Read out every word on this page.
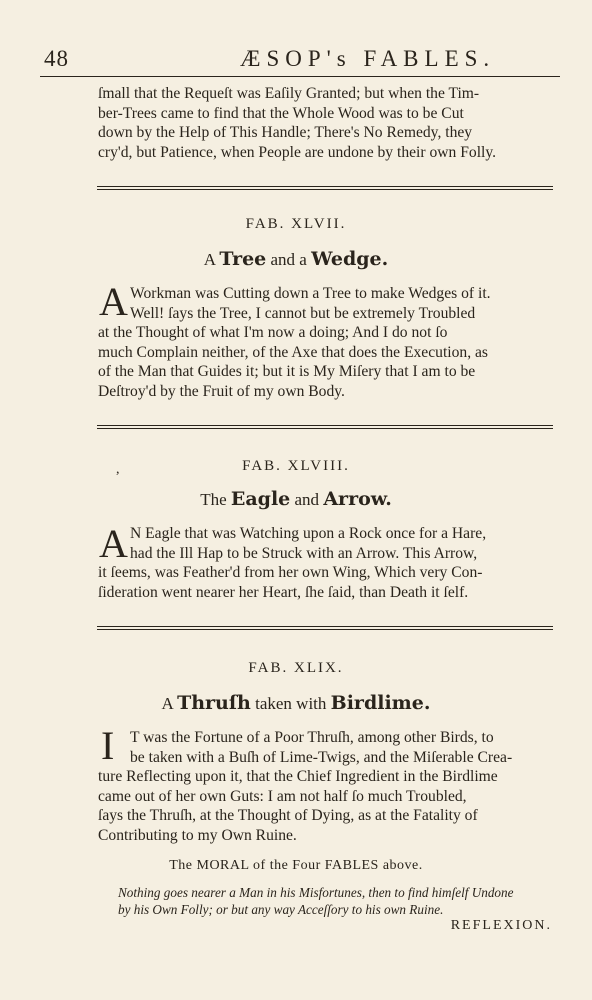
48	ÆSOP's FABLES.
ſmall that the Requeſt was Eaſily Granted; but when the Tim-
ber-Trees came to find that the Whole Wood was to be Cut
down by the Help of This Handle; There's No Remedy, they
cry'd, but Patience, when People are undone by their own Folly.
FAB. XLVII.
A Tree and a Wedge.
A Workman was Cutting down a Tree to make Wedges of it.
Well! ſays the Tree, I cannot but be extremely Troubled
at the Thought of what I'm now a doing; And I do not ſo
much Complain neither, of the Axe that does the Execution, as
of the Man that Guides it; but it is My Miſery that I am to be
Deſtroy'd by the Fruit of my own Body.
,	FAB. XLVIII.
The Eagle and Arrow.
A N Eagle that was Watching upon a Rock once for a Hare,
had the Ill Hap to be Struck with an Arrow. This Arrow,
it ſeems, was Feather'd from her own Wing, Which very Con-
ſideration went nearer her Heart, ſhe ſaid, than Death it ſelf.
FAB. XLIX.
A Thruſh taken with Birdlime.
I T was the Fortune of a Poor Thruſh, among other Birds, to
be taken with a Buſh of Lime-Twigs, and the Miſerable Crea-
ture Reflecting upon it, that the Chief Ingredient in the Birdlime
came out of her own Guts: I am not half ſo much Troubled,
ſays the Thruſh, at the Thought of Dying, as at the Fatality of
Contributing to my Own Ruine.
The MORAL of the Four FABLES above.
Nothing goes nearer a Man in his Misfortunes, then to find himſelf Undone
by his Own Folly; or but any way Acceſſory to his own Ruine.
REFLEXION.
